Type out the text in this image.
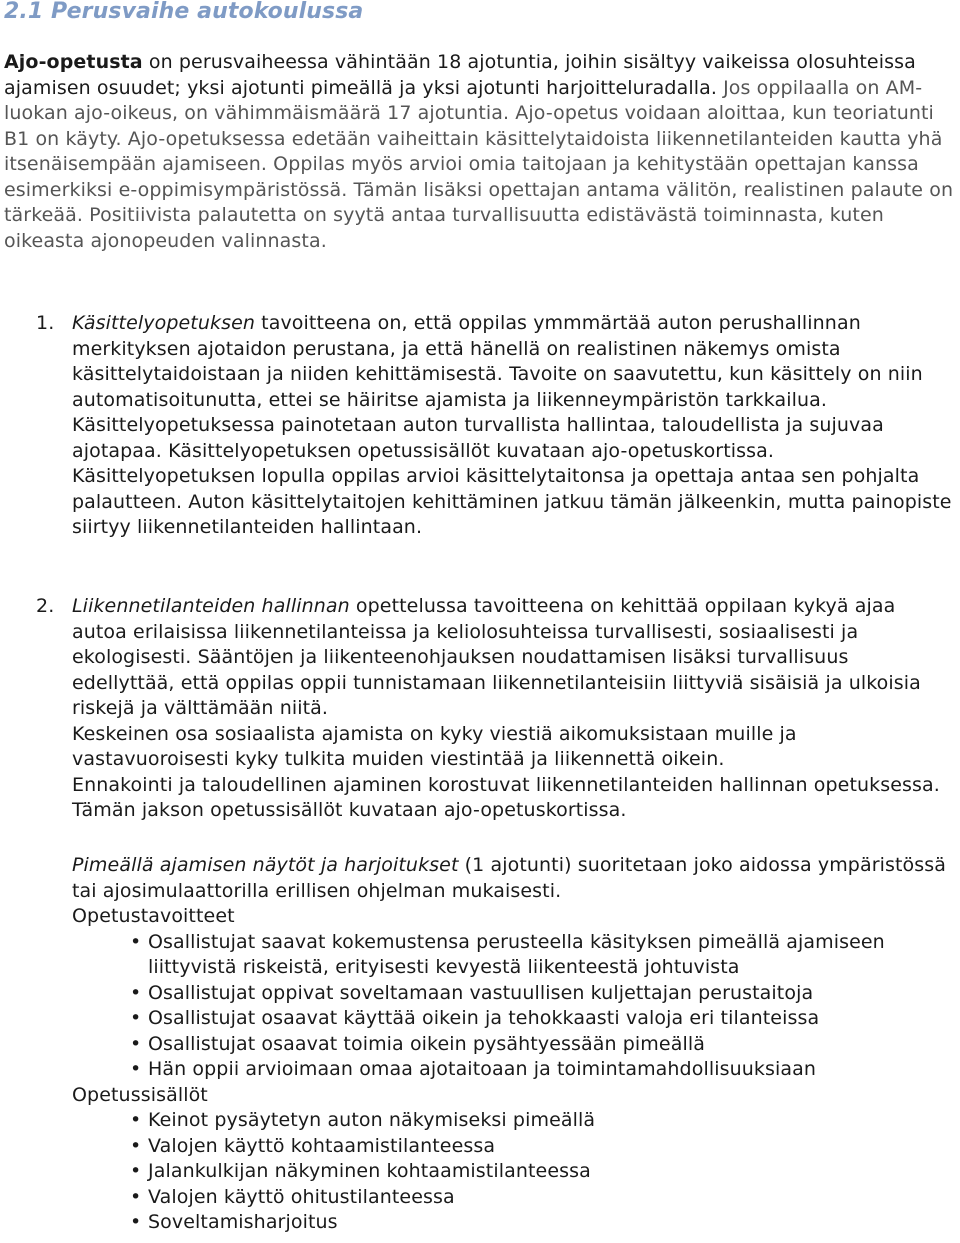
2.1 Perusvaihe autokoulussa

Ajo-opetusta on perusvaiheessa vähintään 18 ajotuntia, joihin sisältyy vaikeissa olosuhteissa ajamisen osuudet; yksi ajotunti pimeällä ja yksi ajotunti harjoitteluradalla. Jos oppilaalla on AM-luokan ajo-oikeus, on vähimmäismäärä 17 ajotuntia. Ajo-opetus voidaan aloittaa, kun teoriatunti B1 on käyty. Ajo-opetuksessa edetään vaiheittain käsittelytaidoista liikennetilanteiden kautta yhä itsenäisempään ajamiseen. Oppilas myös arvioi omia taitojaan ja kehitystään opettajan kanssa esimerkiksi e-oppimisympäristössä. Tämän lisäksi opettajan antama välitön, realistinen palaute on tärkeää. Positiivista palautetta on syytä antaa turvallisuutta edistävästä toiminnasta, kuten oikeasta ajonopeuden valinnasta.

1. Käsittelyopetuksen tavoitteena on, että oppilas ymmmärtää auton perushallinnan merkityksen ajotaidon perustana, ja että hänellä on realistinen näkemys omista käsittelytaidoistaan ja niiden kehittämisestä. Tavoite on saavutettu, kun käsittely on niin automatisoitunutta, ettei se häiritse ajamista ja liikenneympäristön tarkkailua.

Käsittelyopetuksessa painotetaan auton turvallista hallintaa, taloudellista ja sujuvaa ajotapaa. Käsittelyopetuksen opetussisällöt kuvataan ajo-opetuskortissa.

Käsittelyopetuksen lopulla oppilas arvioi käsittelytaitonsa ja opettaja antaa sen pohjalta palautteen. Auton käsittelytaitojen kehittäminen jatkuu tämän jälkeenkin, mutta painopiste siirtyy liikennetilanteiden hallintaan.

2. Liikennetilanteiden hallinnan opettelussa tavoitteena on kehittää oppilaan kykyä ajaa autoa erilaisissa liikennetilanteissa ja keliolosuhteissa turvallisesti, sosiaalisesti ja ekologisesti. Sääntöjen ja liikenteenohjauksen noudattamisen lisäksi turvallisuus edellyttää, että oppilas oppii tunnistamaan liikennetilanteisiin liittyviä sisäisiä ja ulkoisia riskejä ja välttämään niitä.

Keskeinen osa sosiaalista ajamista on kyky viestiä aikomuksistaan muille ja vastavuoroisesti kyky tulkita muiden viestintää ja liikennettä oikein.

Ennakointi ja taloudellinen ajaminen korostuvat liikennetilanteiden hallinnan opetuksessa. Tämän jakson opetussisällöt kuvataan ajo-opetuskortissa.

Pimeällä ajamisen näytöt ja harjoitukset (1 ajotunti) suoritetaan joko aidossa ympäristössä tai ajosimulaattorilla erillisen ohjelman mukaisesti.

Opetustavoitteet

• Osallistujat saavat kokemustensa perusteella käsityksen pimeällä ajamiseen liittyvistä riskeistä, erityisesti kevyestä liikenteestä johtuvista
• Osallistujat oppivat soveltamaan vastuullisen kuljettajan perustaitoja
• Osallistujat osaavat käyttää oikein ja tehokkaasti valoja eri tilanteissa
• Osallistujat osaavat toimia oikein pysähtyessään pimeällä
• Hän oppii arvioimaan omaa ajotaitoaan ja toimintamahdollisuuksiaan

Opetussisällöt

• Keinot pysäytetyn auton näkymiseksi pimeällä
• Valojen käyttö kohtaamistilanteessa
• Jalankulkijan näkyminen kohtaamistilanteessa
• Valojen käyttö ohitustilanteessa
• Soveltamisharjoitus
